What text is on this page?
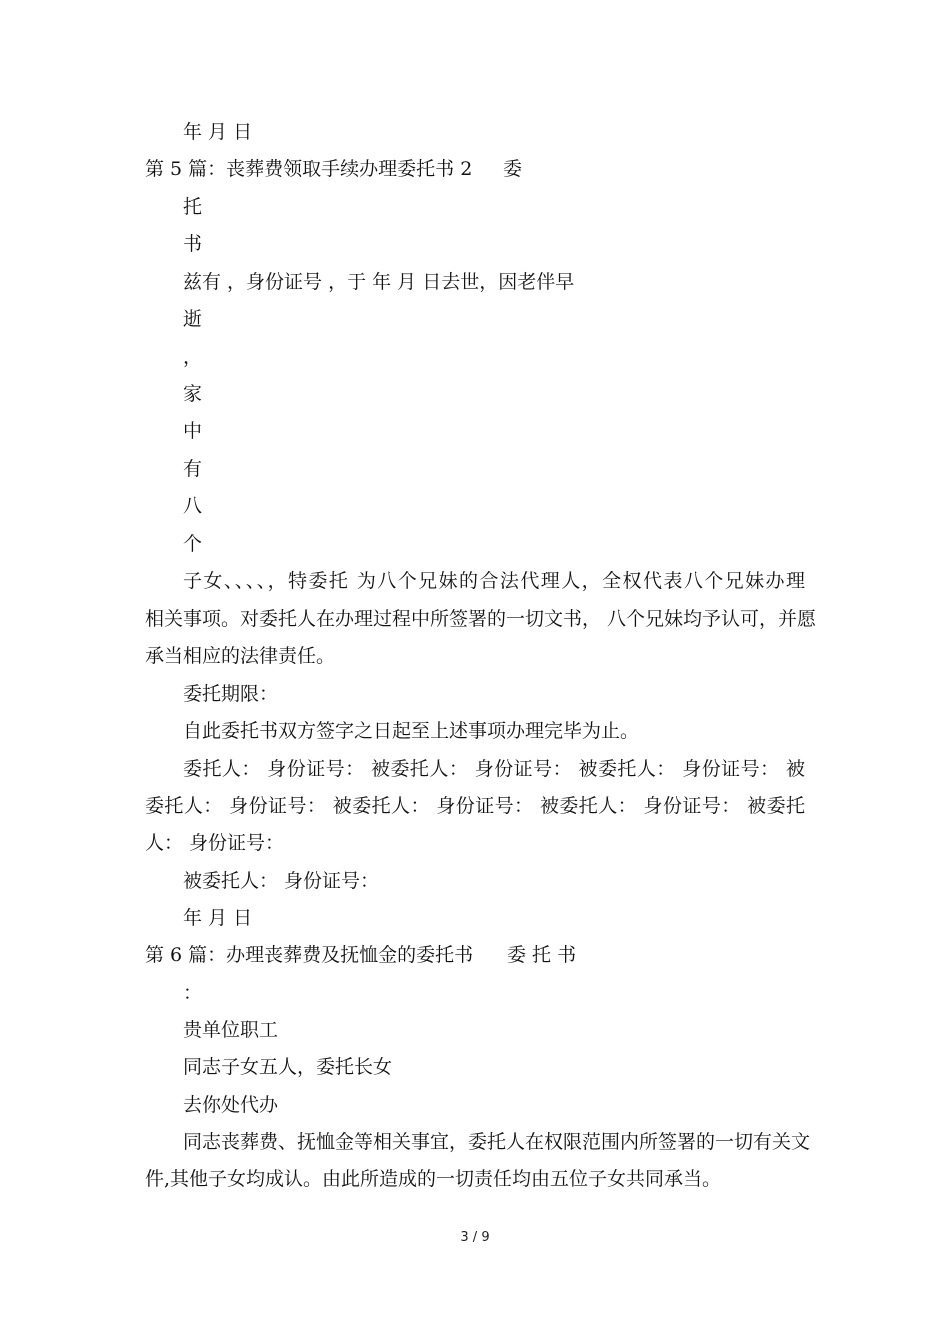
年 月 日
第 5 篇：丧葬费领取手续办理委托书 2 委
托
书
兹有 ，身份证号 ，于 年 月 日去世，因老伴早
逝
，
家
中
有
八
个
子女、、、、，特委托 为八个兄妹的合法代理人，全权代表八个兄妹办理
相关事项。对委托人在办理过程中所签署的一切文书， 八个兄妹均予认可，并愿
承当相应的法律责任。
委托期限：
自此委托书双方签字之日起至上述事项办理完毕为止。
委托人： 身份证号： 被委托人： 身份证号： 被委托人： 身份证号： 被
委托人： 身份证号： 被委托人： 身份证号： 被委托人： 身份证号： 被委托
人： 身份证号：
被委托人： 身份证号：
年 月 日
第 6 篇：办理丧葬费及抚恤金的委托书 委 托 书
：
贵单位职工
同志子女五人，委托长女
去你处代办
同志丧葬费、抚恤金等相关事宜，委托人在权限范围内所签署的一切有关文
件,其他子女均成认。由此所造成的一切责任均由五位子女共同承当。
3 / 9
